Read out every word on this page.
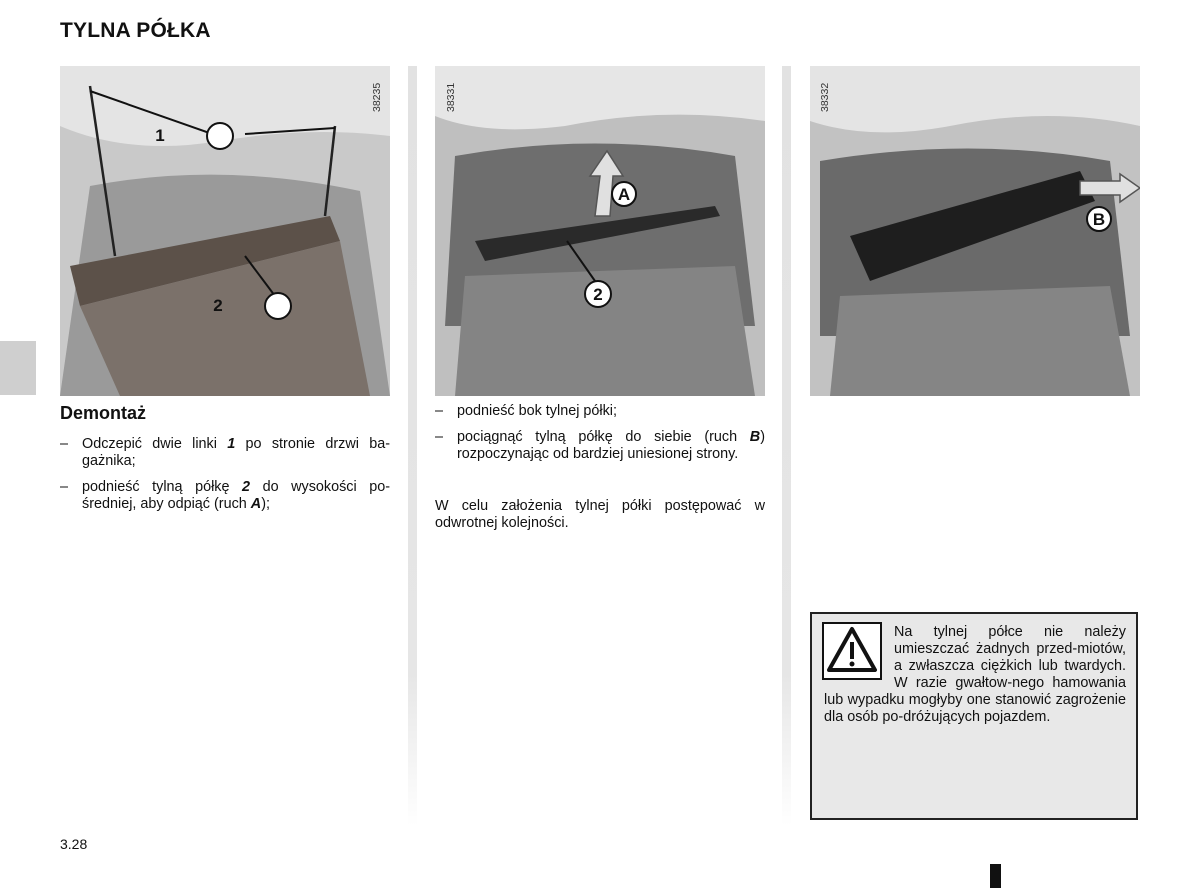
TYLNA PÓŁKA
1
2
38235
A
2
38331
B
38332
Demontaż
– Odczepić dwie linki 1 po stronie drzwi ba-gażnika;
– podnieść tylną półkę 2 do wysokości po-średniej, aby odpiąć (ruch A);
– podnieść bok tylnej półki;
– pociągnąć tylną półkę do siebie (ruch B) rozpoczynając od bardziej uniesionej strony.

W celu założenia tylnej półki postępować w odwrotnej kolejności.

Na tylnej półce nie należy umieszczać żadnych przed-miotów, a zwłaszcza ciężkich lub twardych. W razie gwałtow-nego hamowania lub wypadku mogłyby one stanowić zagrożenie dla osób po-dróżujących pojazdem.
3.28
